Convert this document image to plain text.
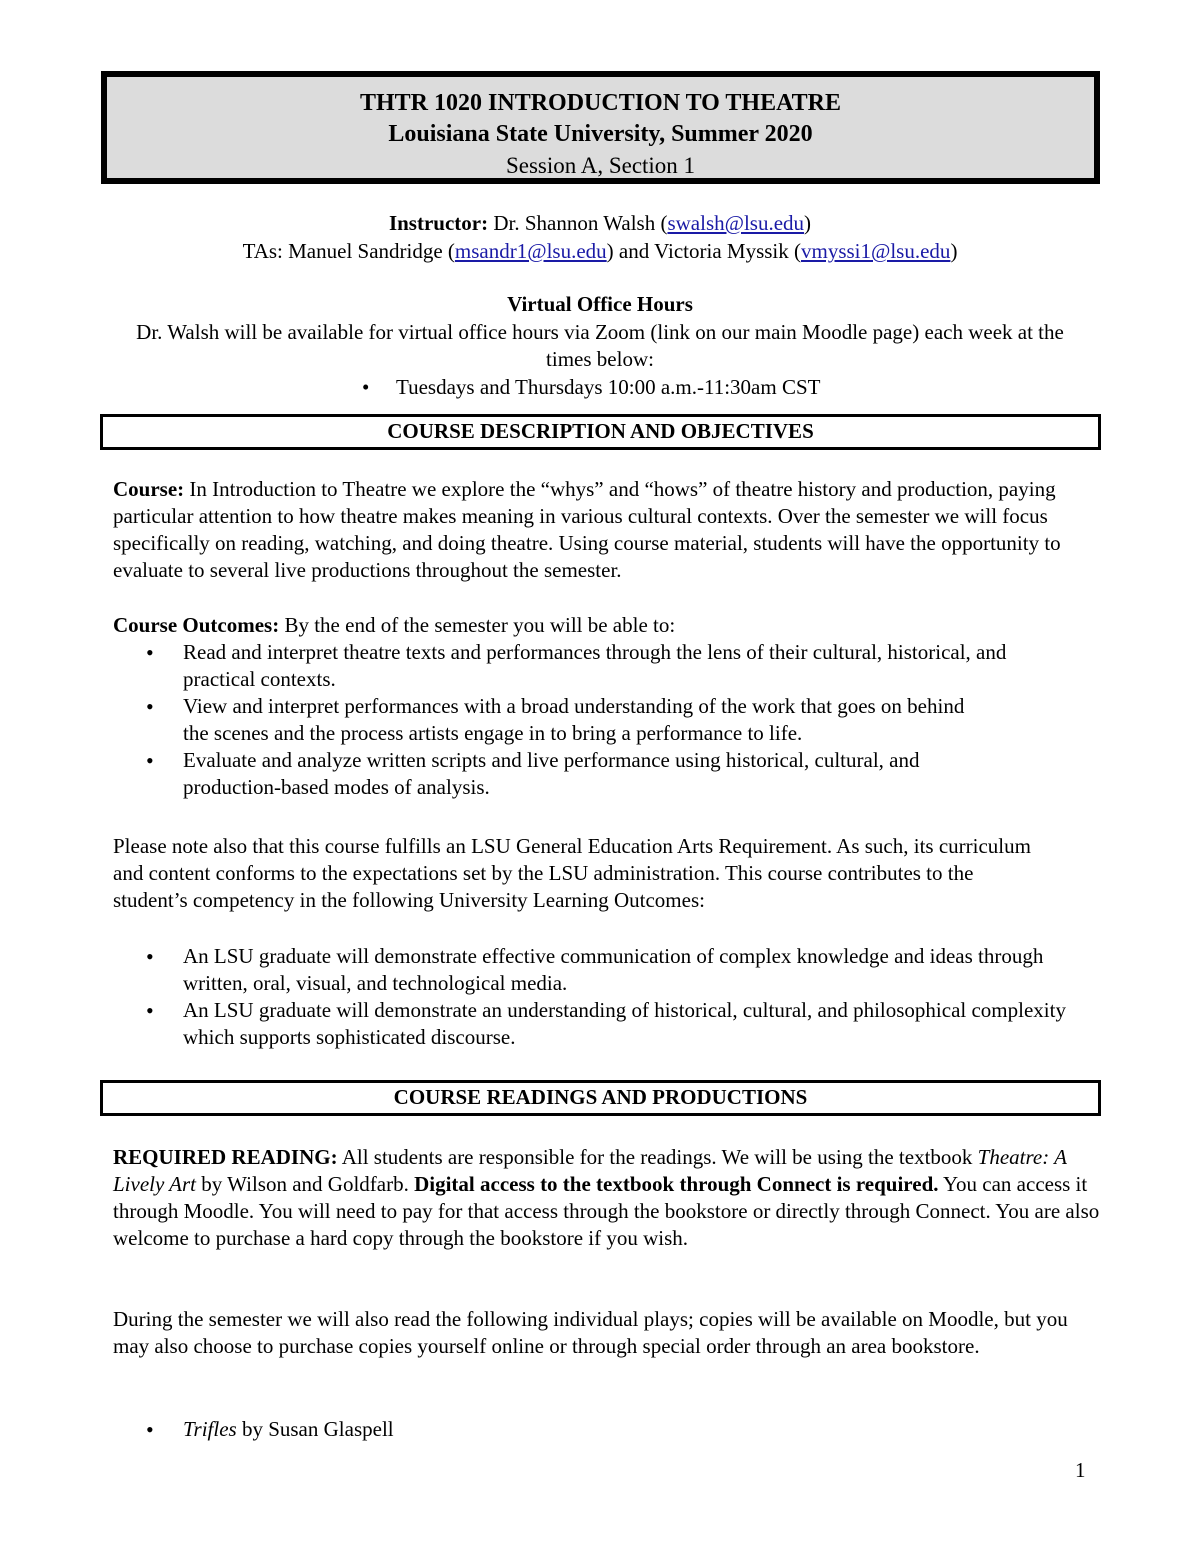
THTR 1020 INTRODUCTION TO THEATRE
Louisiana State University, Summer 2020
Session A, Section 1
Instructor: Dr. Shannon Walsh (swalsh@lsu.edu)
TAs: Manuel Sandridge (msandr1@lsu.edu) and Victoria Myssik (vmyssi1@lsu.edu)
Virtual Office Hours
Dr. Walsh will be available for virtual office hours via Zoom (link on our main Moodle page) each week at the
times below:
• Tuesdays and Thursdays 10:00 a.m.-11:30am CST
COURSE DESCRIPTION AND OBJECTIVES
Course: In Introduction to Theatre we explore the “whys” and “hows” of theatre history and production, paying particular attention to how theatre makes meaning in various cultural contexts. Over the semester we will focus specifically on reading, watching, and doing theatre. Using course material, students will have the opportunity to evaluate to several live productions throughout the semester.
Course Outcomes: By the end of the semester you will be able to:
• Read and interpret theatre texts and performances through the lens of their cultural, historical, and practical contexts.
• View and interpret performances with a broad understanding of the work that goes on behind the scenes and the process artists engage in to bring a performance to life.
• Evaluate and analyze written scripts and live performance using historical, cultural, and production-based modes of analysis.
Please note also that this course fulfills an LSU General Education Arts Requirement. As such, its curriculum and content conforms to the expectations set by the LSU administration. This course contributes to the student’s competency in the following University Learning Outcomes:
• An LSU graduate will demonstrate effective communication of complex knowledge and ideas through written, oral, visual, and technological media.
• An LSU graduate will demonstrate an understanding of historical, cultural, and philosophical complexity which supports sophisticated discourse.
COURSE READINGS AND PRODUCTIONS
REQUIRED READING: All students are responsible for the readings. We will be using the textbook Theatre: A Lively Art by Wilson and Goldfarb. Digital access to the textbook through Connect is required. You can access it through Moodle. You will need to pay for that access through the bookstore or directly through Connect. You are also welcome to purchase a hard copy through the bookstore if you wish.
During the semester we will also read the following individual plays; copies will be available on Moodle, but you may also choose to purchase copies yourself online or through special order through an area bookstore.
• Trifles by Susan Glaspell
1
